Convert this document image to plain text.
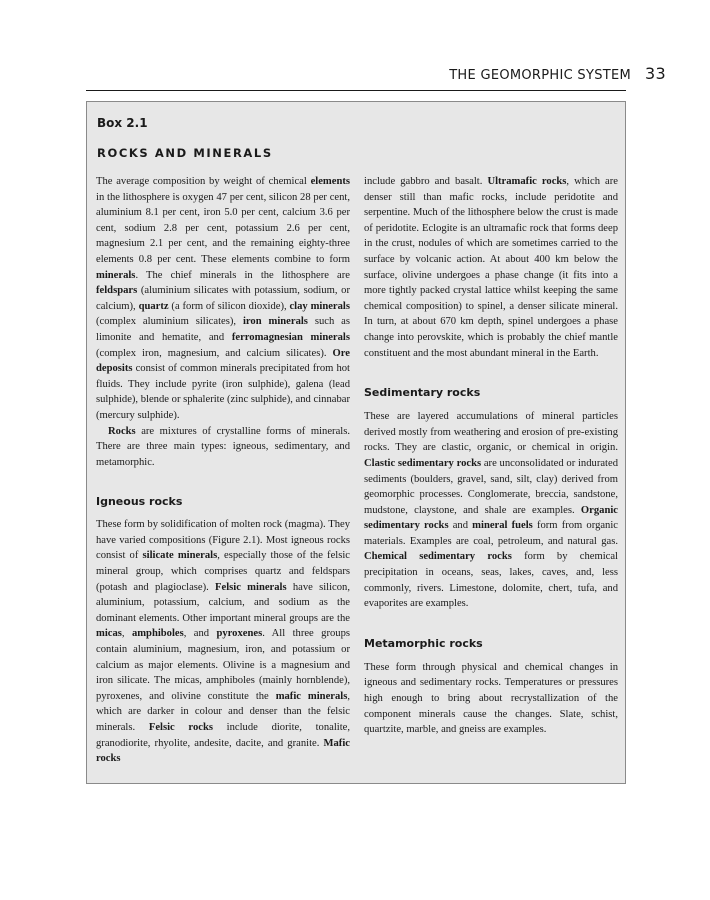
THE GEOMORPHIC SYSTEM 33
Box 2.1
ROCKS AND MINERALS

The average composition by weight of chemical elements in the lithosphere is oxygen 47 per cent, silicon 28 per cent, aluminium 8.1 per cent, iron 5.0 per cent, calcium 3.6 per cent, sodium 2.8 per cent, potassium 2.6 per cent, magnesium 2.1 per cent, and the remaining eighty-three elements 0.8 per cent. These elements combine to form minerals. The chief minerals in the lithosphere are feldspars (aluminium silicates with potassium, sodium, or calcium), quartz (a form of silicon dioxide), clay minerals (complex aluminium silicates), iron minerals such as limonite and hematite, and ferromagnesian minerals (complex iron, magnesium, and calcium silicates). Ore deposits consist of common minerals precipitated from hot fluids. They include pyrite (iron sulphide), galena (lead sulphide), blende or sphalerite (zinc sulphide), and cinnabar (mercury sulphide).

Rocks are mixtures of crystalline forms of minerals. There are three main types: igneous, sedimentary, and metamorphic.

Igneous rocks

These form by solidification of molten rock (magma). They have varied compositions (Figure 2.1). Most igneous rocks consist of silicate minerals, especially those of the felsic mineral group, which comprises quartz and feldspars (potash and plagioclase). Felsic minerals have silicon, aluminium, potassium, calcium, and sodium as the dominant elements. Other important mineral groups are the micas, amphiboles, and pyroxenes. All three groups contain aluminium, magnesium, iron, and potassium or calcium as major elements. Olivine is a magnesium and iron silicate. The micas, amphiboles (mainly hornblende), pyroxenes, and olivine constitute the mafic minerals, which are darker in colour and denser than the felsic minerals. Felsic rocks include diorite, tonalite, granodiorite, rhyolite, andesite, dacite, and granite. Mafic rocks

include gabbro and basalt. Ultramafic rocks, which are denser still than mafic rocks, include peridotite and serpentine. Much of the lithosphere below the crust is made of peridotite. Eclogite is an ultramafic rock that forms deep in the crust, nodules of which are sometimes carried to the surface by volcanic action. At about 400 km below the surface, olivine undergoes a phase change (it fits into a more tightly packed crystal lattice whilst keeping the same chemical composition) to spinel, a denser silicate mineral. In turn, at about 670 km depth, spinel undergoes a phase change into perovskite, which is probably the chief mantle constituent and the most abundant mineral in the Earth.

Sedimentary rocks

These are layered accumulations of mineral particles derived mostly from weathering and erosion of pre-existing rocks. They are clastic, organic, or chemical in origin. Clastic sedimentary rocks are unconsolidated or indurated sediments (boulders, gravel, sand, silt, clay) derived from geomorphic processes. Conglomerate, breccia, sandstone, mudstone, claystone, and shale are examples. Organic sedimentary rocks and mineral fuels form from organic materials. Examples are coal, petroleum, and natural gas. Chemical sedimentary rocks form by chemical precipitation in oceans, seas, lakes, caves, and, less commonly, rivers. Limestone, dolomite, chert, tufa, and evaporites are examples.

Metamorphic rocks

These form through physical and chemical changes in igneous and sedimentary rocks. Temperatures or pressures high enough to bring about recrystallization of the component minerals cause the changes. Slate, schist, quartzite, marble, and gneiss are examples.
